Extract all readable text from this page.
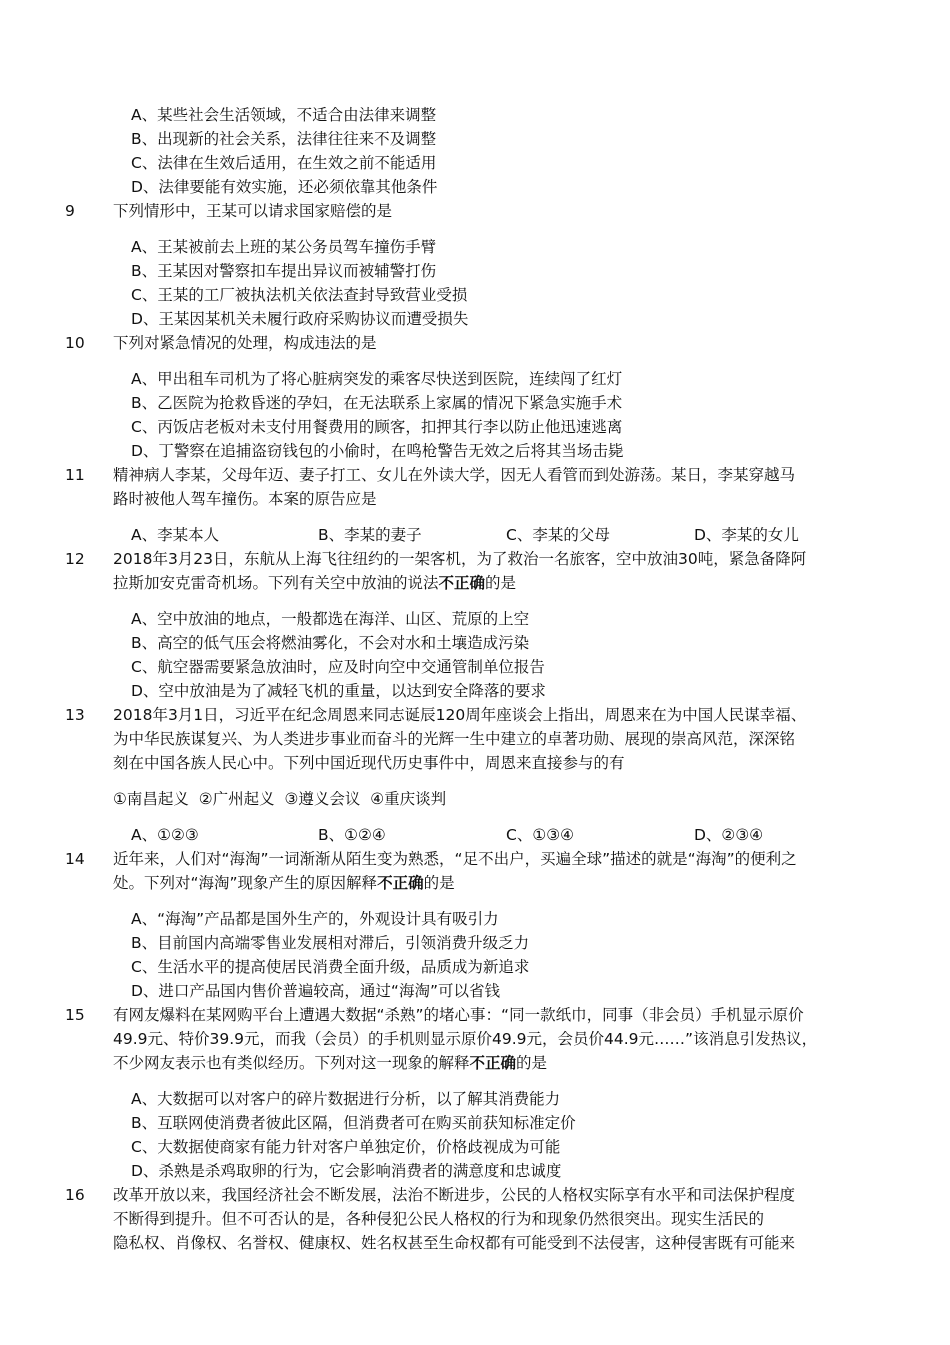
A、某些社会生活领域，不适合由法律来调整
B、出现新的社会关系，法律往往来不及调整
C、法律在生效后适用，在生效之前不能适用
D、法律要能有效实施，还必须依靠其他条件
9 下列情形中，王某可以请求国家赔偿的是
A、王某被前去上班的某公务员驾车撞伤手臂
B、王某因对警察扣车提出异议而被辅警打伤
C、王某的工厂被执法机关依法查封导致营业受损
D、王某因某机关未履行政府采购协议而遭受损失
10 下列对紧急情况的处理，构成违法的是
A、甲出租车司机为了将心脏病突发的乘客尽快送到医院，连续闯了红灯
B、乙医院为抢救昏迷的孕妇，在无法联系上家属的情况下紧急实施手术
C、丙饭店老板对未支付用餐费用的顾客，扣押其行李以防止他迅速逃离
D、丁警察在追捕盗窃钱包的小偷时，在鸣枪警告无效之后将其当场击毙
11 精神病人李某，父母年迈、妻子打工、女儿在外读大学，因无人看管而到处游荡。某日，李某穿越马
路时被他人驾车撞伤。本案的原告应是
A、李某本人	B、李某的妻子	C、李某的父母	D、李某的女儿
12 2018年3月23日，东航从上海飞往纽约的一架客机，为了救治一名旅客，空中放油30吨，紧急备降阿
拉斯加安克雷奇机场。下列有关空中放油的说法不正确的是
A、空中放油的地点，一般都选在海洋、山区、荒原的上空
B、高空的低气压会将燃油雾化，不会对水和土壤造成污染
C、航空器需要紧急放油时，应及时向空中交通管制单位报告
D、空中放油是为了减轻飞机的重量，以达到安全降落的要求
13 2018年3月1日，习近平在纪念周恩来同志诞辰120周年座谈会上指出，周恩来在为中国人民谋幸福、
为中华民族谋复兴、为人类进步事业而奋斗的光辉一生中建立的卓著功勋、展现的崇高风范，深深铭
刻在中国各族人民心中。下列中国近现代历史事件中，周恩来直接参与的有
①南昌起义  ②广州起义  ③遵义会议  ④重庆谈判
A、①②③	B、①②④	C、①③④	D、②③④
14 近年来，人们对“海淘”一词渐渐从陌生变为熟悉，“足不出户，买遍全球”描述的就是“海淘”的便利之
处。下列对“海淘”现象产生的原因解释不正确的是
A、“海淘”产品都是国外生产的，外观设计具有吸引力
B、目前国内高端零售业发展相对滞后，引领消费升级乏力
C、生活水平的提高使居民消费全面升级，品质成为新追求
D、进口产品国内售价普遍较高，通过“海淘”可以省钱
15 有网友爆料在某网购平台上遭遇大数据“杀熟”的堵心事：“同一款纸巾，同事（非会员）手机显示原价
49.9元、特价39.9元，而我（会员）的手机则显示原价49.9元，会员价44.9元……”该消息引发热议，
不少网友表示也有类似经历。下列对这一现象的解释不正确的是
A、大数据可以对客户的碎片数据进行分析，以了解其消费能力
B、互联网使消费者彼此区隔，但消费者可在购买前获知标准定价
C、大数据使商家有能力针对客户单独定价，价格歧视成为可能
D、杀熟是杀鸡取卵的行为，它会影响消费者的满意度和忠诚度
16 改革开放以来，我国经济社会不断发展，法治不断进步，公民的人格权实际享有水平和司法保护程度
不断得到提升。但不可否认的是，各种侵犯公民人格权的行为和现象仍然很突出。现实生活民的
隐私权、肖像权、名誉权、健康权、姓名权甚至生命权都有可能受到不法侵害，这种侵害既有可能来
